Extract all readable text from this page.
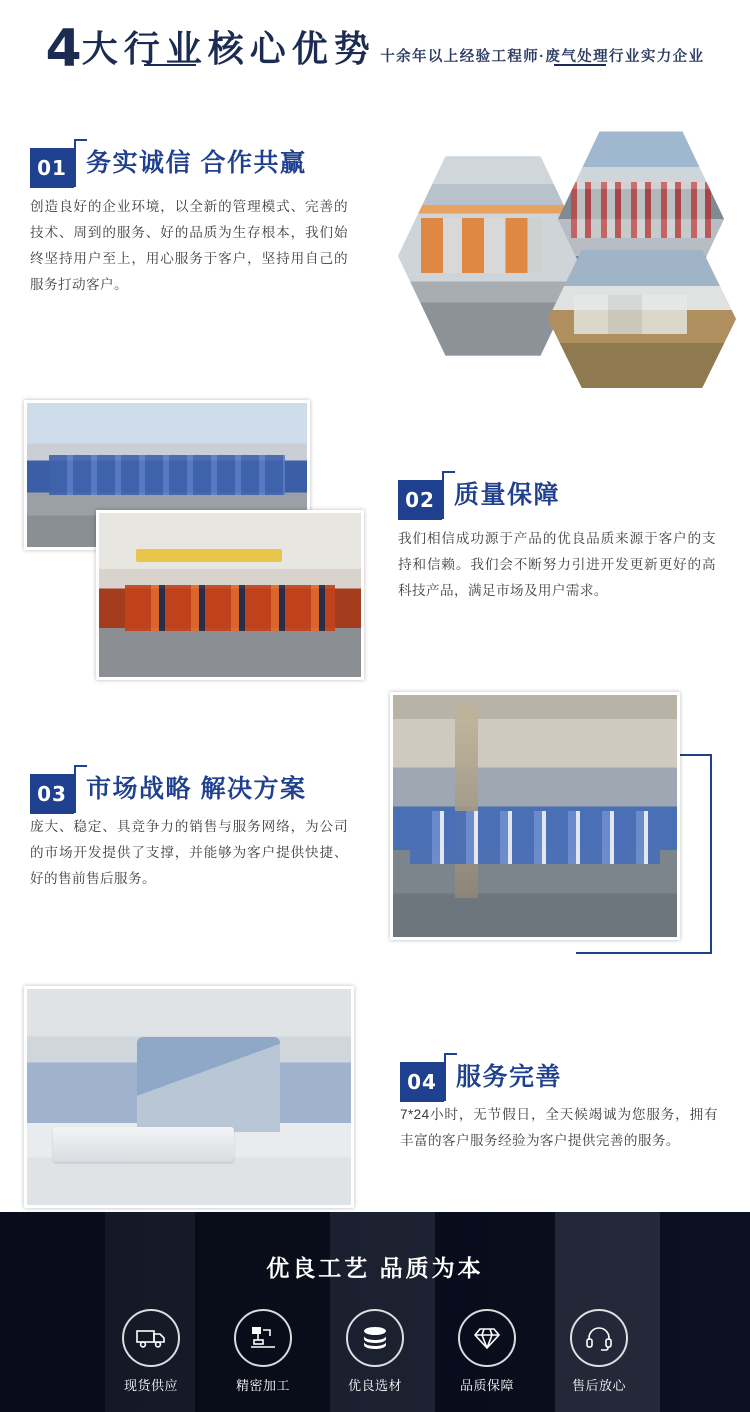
4大行业核心优势 十余年以上经验工程师·废气处理行业实力企业
01 务实诚信 合作共赢
创造良好的企业环境，以全新的管理模式、完善的技术、周到的服务、好的品质为生存根本，我们始终坚持用户至上，用心服务于客户，坚持用自己的服务打动客户。
02 质量保障
我们相信成功源于产品的优良品质来源于客户的支持和信赖。我们会不断努力引进开发更新更好的高科技产品，满足市场及用户需求。
03 市场战略 解决方案
庞大、稳定、具竞争力的销售与服务网络，为公司的市场开发提供了支撑，并能够为客户提供快捷、好的售前售后服务。
04 服务完善
7*24小时，无节假日，全天候竭诚为您服务，拥有丰富的客户服务经验为客户提供完善的服务。
优良工艺 品质为本
现货供应	精密加工	优良选材	品质保障	售后放心
